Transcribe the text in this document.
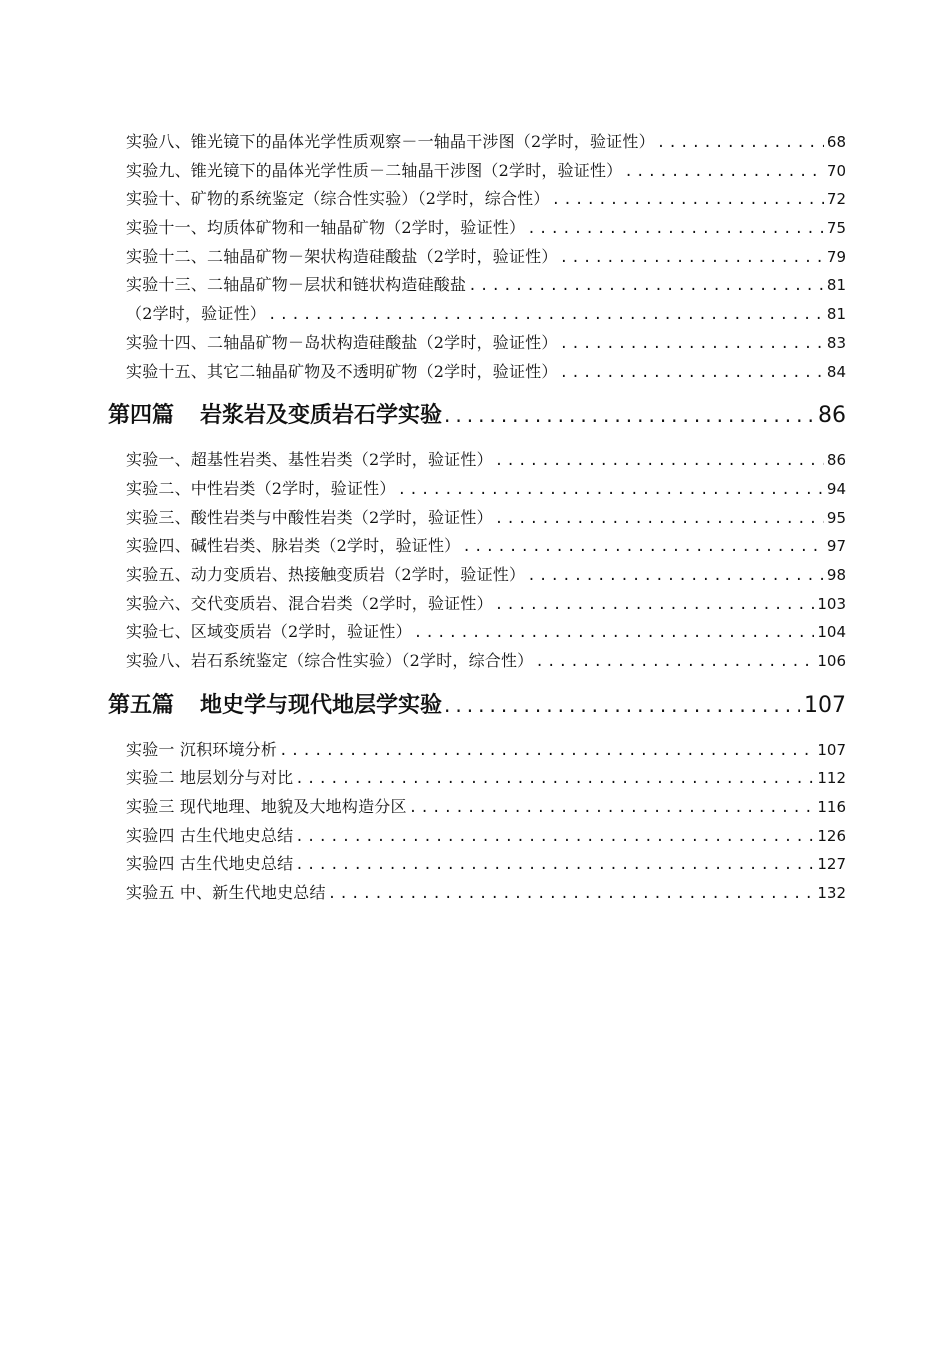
实验八、锥光镜下的晶体光学性质观察－一轴晶干涉图（2学时，验证性） .....	68
实验九、锥光镜下的晶体光学性质－二轴晶干涉图（2学时，验证性） .....	70
实验十、矿物的系统鉴定（综合性实验）（2学时，综合性） .....	72
实验十一、均质体矿物和一轴晶矿物（2学时，验证性） .....	75
实验十二、二轴晶矿物－架状构造硅酸盐（2学时，验证性） .....	79
实验十三、二轴晶矿物－层状和链状构造硅酸盐 .....	81
（2学时，验证性） .....	81
实验十四、二轴晶矿物－岛状构造硅酸盐（2学时，验证性） .....	83
实验十五、其它二轴晶矿物及不透明矿物（2学时，验证性） .....	84
第四篇 岩浆岩及变质岩石学实验 .....	86
实验一、超基性岩类、基性岩类（2学时，验证性） .....	86
实验二、中性岩类（2学时，验证性） .....	94
实验三、酸性岩类与中酸性岩类（2学时，验证性） .....	95
实验四、碱性岩类、脉岩类（2学时，验证性） .....	97
实验五、动力变质岩、热接触变质岩（2学时，验证性） .....	98
实验六、交代变质岩、混合岩类（2学时，验证性） .....	103
实验七、区域变质岩（2学时，验证性） .....	104
实验八、岩石系统鉴定（综合性实验）（2学时，综合性） .....	106
第五篇 地史学与现代地层学实验 .....	107
实验一 沉积环境分析 .....	107
实验二 地层划分与对比 .....	112
实验三 现代地理、地貌及大地构造分区 .....	116
实验四 古生代地史总结 .....	126
实验四 古生代地史总结 .....	127
实验五 中、新生代地史总结 .....	132
